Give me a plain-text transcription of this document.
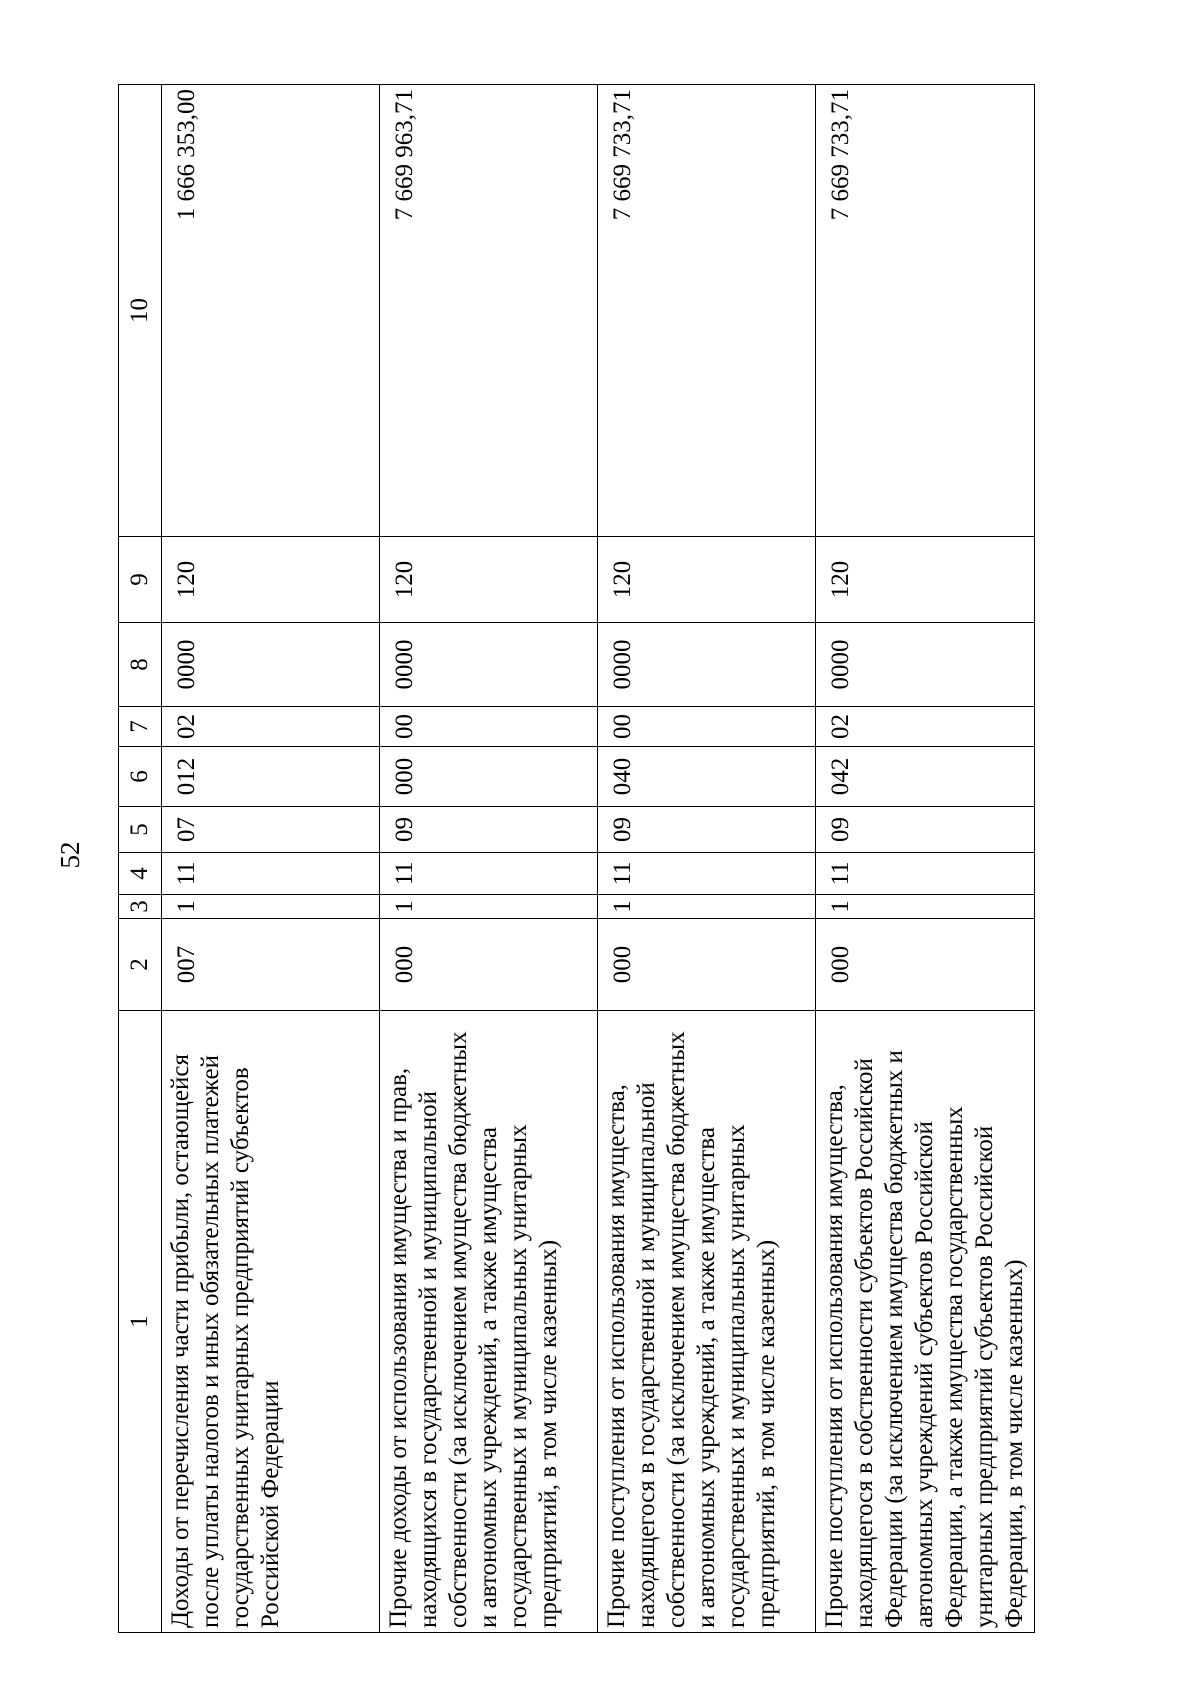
52
1	2	3	4	5	6	7	8	9	10
Доходы от перечисления части прибыли, остающейся после уплаты налогов и иных обязательных платежей государственных унитарных предприятий субъектов Российской Федерации	007	1	11	07	012	02	0000	120	1 666 353,00
Прочие доходы от использования имущества и прав, находящихся в государственной и муниципальной собственности (за исключением имущества бюджетных и автономных учреждений, а также имущества государственных и муниципальных унитарных предприятий, в том числе казенных)	000	1	11	09	000	00	0000	120	7 669 963,71
Прочие поступления от использования имущества, находящегося в государственной и муниципальной собственности (за исключением имущества бюджетных и автономных учреждений, а также имущества государственных и муниципальных унитарных предприятий, в том числе казенных)	000	1	11	09	040	00	0000	120	7 669 733,71
Прочие поступления от использования имущества, находящегося в собственности субъектов Российской Федерации (за исключением имущества бюджетных и автономных учреждений субъектов Российской Федерации, а также имущества государственных унитарных предприятий субъектов Российской Федерации, в том числе казенных)	000	1	11	09	042	02	0000	120	7 669 733,71
